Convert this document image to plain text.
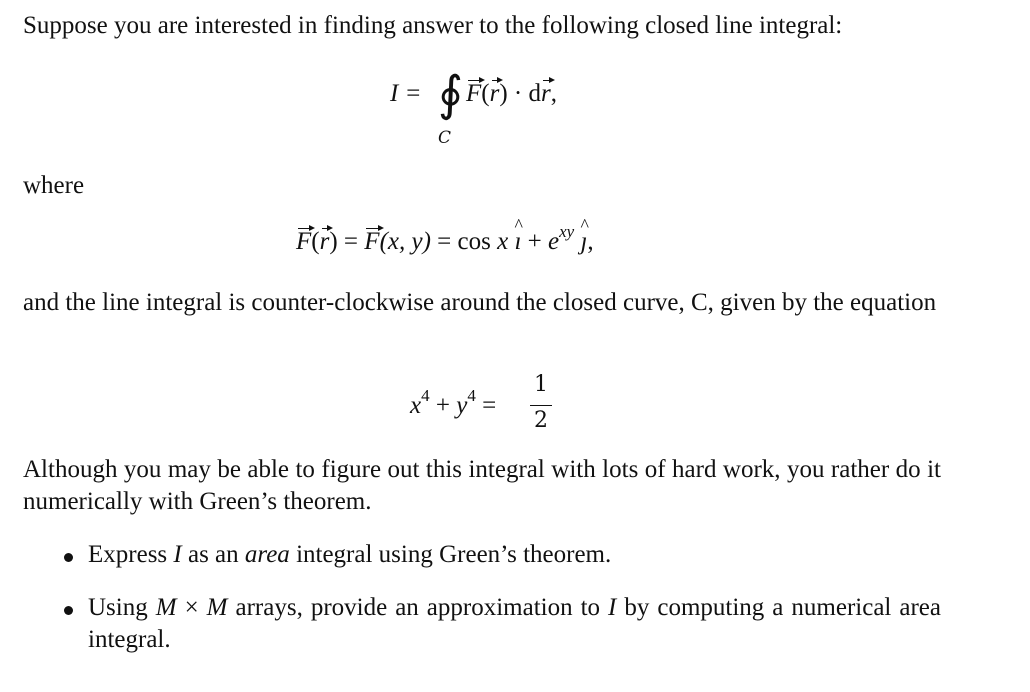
Suppose you are interested in finding answer to the following closed line integral:

I = ∮
C
F(r) · dr,

where

F(r) = F(x, y) = cos x ı ^ + $e^{xy}$ ȷ ^,

and the line integral is counter-clockwise around the closed curve, C, given by the equation

$x^4 + y^4$ =
1
2

Although you may be able to figure out this integral with lots of hard work, you rather do it numerically with Green’s theorem.

Express I as an area integral using Green’s theorem.
Using M × M arrays, provide an approximation to I by computing a numerical area integral.
